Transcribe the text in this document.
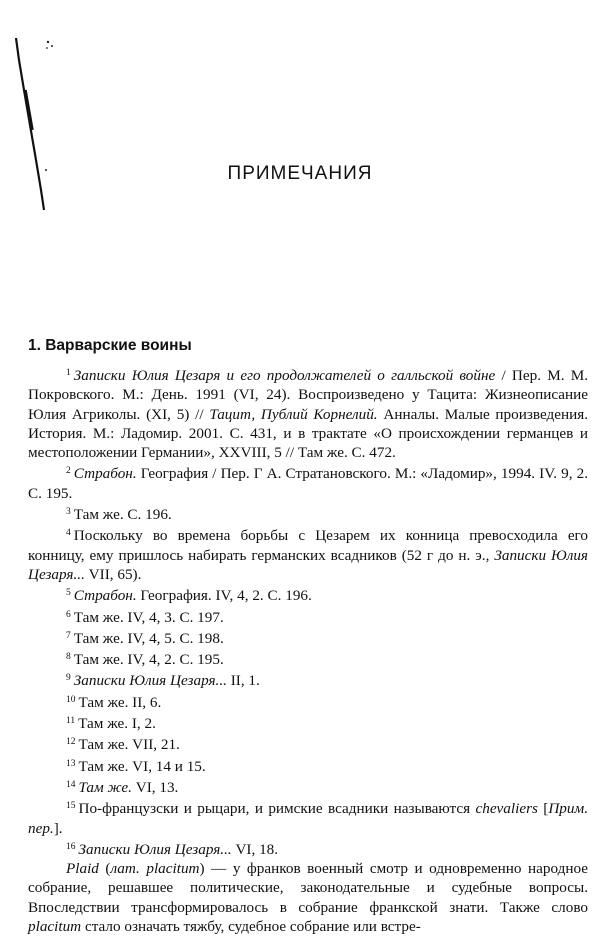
ПРИМЕЧАНИЯ
1. Варварские воины

$^1$ Записки Юлия Цезаря и его продолжателей о галльской войне / Пер. М. М. Покровского. М.: День. 1991 (VI, 24). Воспроизведено у Тацита: Жизнеописание Юлия Агриколы. (XI, 5) // Тацит, Публий Корнелий. Анналы. Малые произведения. История. М.: Ладомир. 2001. С. 431, и в трактате «О происхождении германцев и местоположении Германии», XXVIII, 5 // Там же. С. 472.

$^2$ Страбон. География / Пер. Г А. Стратановского. М.: «Ладомир», 1994. IV. 9, 2. С. 195.

$^3$ Там же. С. 196.

$^4$ Поскольку во времена борьбы с Цезарем их конница превосходила его конницу, ему пришлось набирать германских всадников (52 г до н. э., Записки Юлия Цезаря... VII, 65).

$^5$ Страбон. География. IV, 4, 2. С. 196.

$^6$ Там же. IV, 4, 3. С. 197.

$^7$ Там же. IV, 4, 5. С. 198.

$^8$ Там же. IV, 4, 2. С. 195.

$^9$ Записки Юлия Цезаря... II, 1.

$^{10}$ Там же. II, 6.

$^{11}$ Там же. I, 2.

$^{12}$ Там же. VII, 21.

$^{13}$ Там же. VI, 14 и 15.

$^{14}$ Там же. VI, 13.

$^{15}$ По-французски и рыцари, и римские всадники называются chevaliers [Прим. пер.].

$^{16}$ Записки Юлия Цезаря... VI, 18.

Plaid (лат. placitum) — у франков военный смотр и одновременно народное собрание, решавшее политические, законодательные и судебные вопросы. Впоследствии трансформировалось в собрание франкской знати. Также слово placitum стало означать тяжбу, судебное собрание или встре-
